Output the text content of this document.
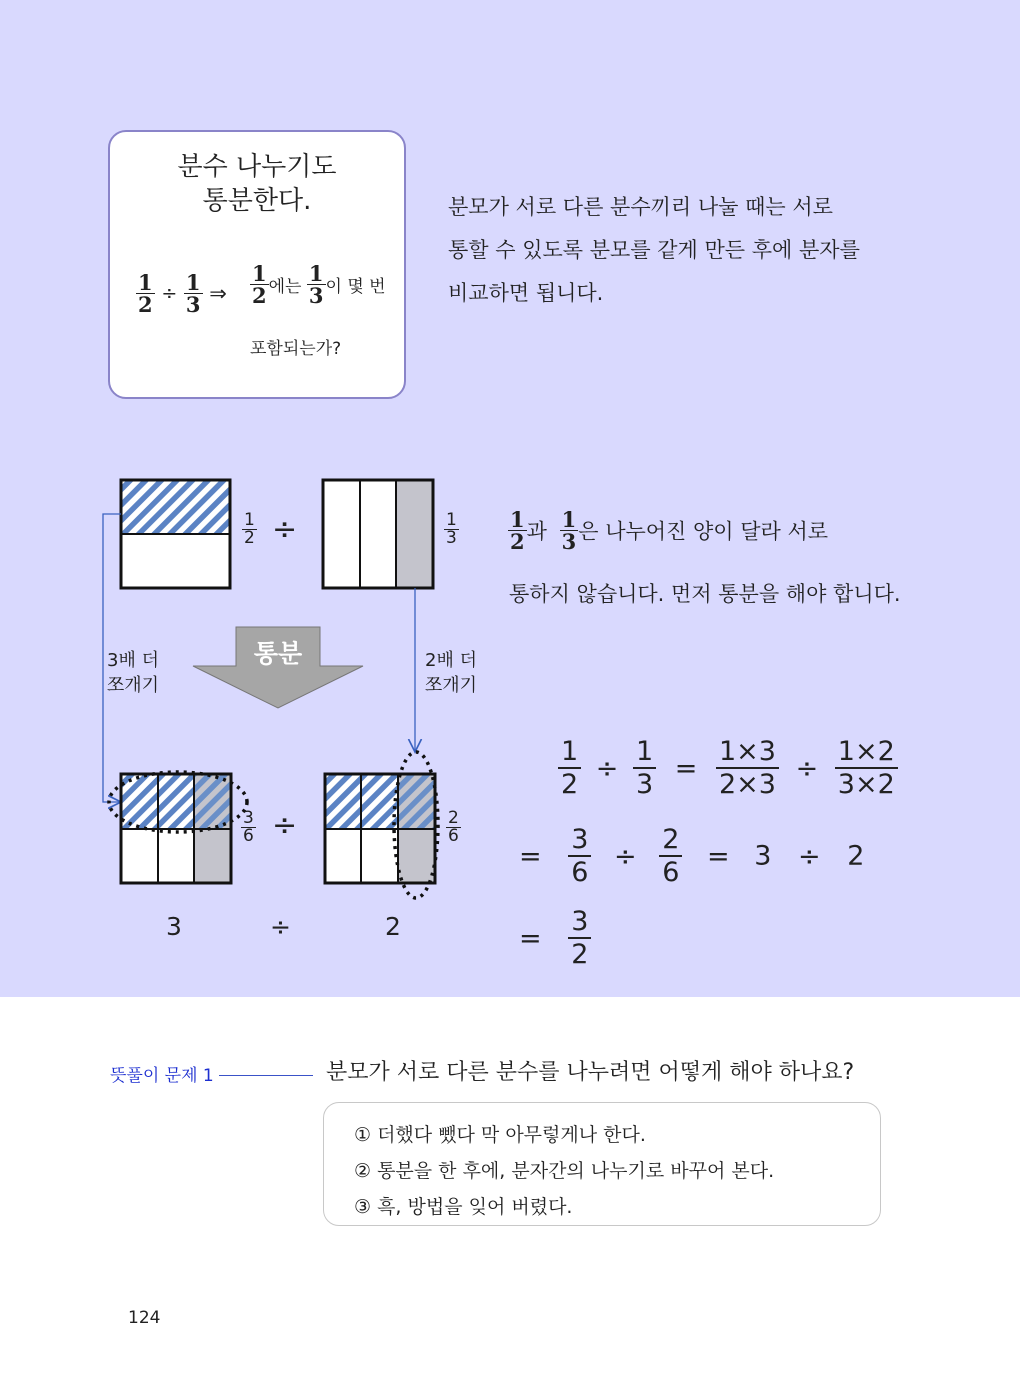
분수 나누기도
통분한다.
$\frac{1}{2} \div \frac{1}{3}$ ⇒ $\frac{1}{2}$ 에는 $\frac{1}{3}$ 이 몇 번
포함되는가?
분모가 서로 다른 분수끼리 나눌 때는 서로
통할 수 있도록 분모를 같게 만든 후에 분자를
비교하면 됩니다.
$\frac{1}{2}$ ÷	$\frac{1}{3}$
통분
3배 더
쪼개기
2배 더
쪼개기
$\frac{3}{6}$ ÷	$\frac{2}{6}$
3	÷	2
$\frac{1}{2}$ 과 $\frac{1}{3}$ 은 나누어진 양이 달라 서로
통하지 않습니다. 먼저 통분을 해야 합니다.
$\frac{1}{2} \div \frac{1}{3} = \frac{1\times 3}{2\times 3} \div \frac{1\times 2}{3\times 2}$
= $\frac{3}{6} \div \frac{2}{6} = 3 \div 2$
= $\frac{3}{2}$
뜻풀이 문제 1	분모가 서로 다른 분수를 나누려면 어떻게 해야 하나요?
① 더했다 뺐다 막 아무렇게나 한다.
② 통분을 한 후에, 분자간의 나누기로 바꾸어 본다.
③ 흑, 방법을 잊어 버렸다.
124
